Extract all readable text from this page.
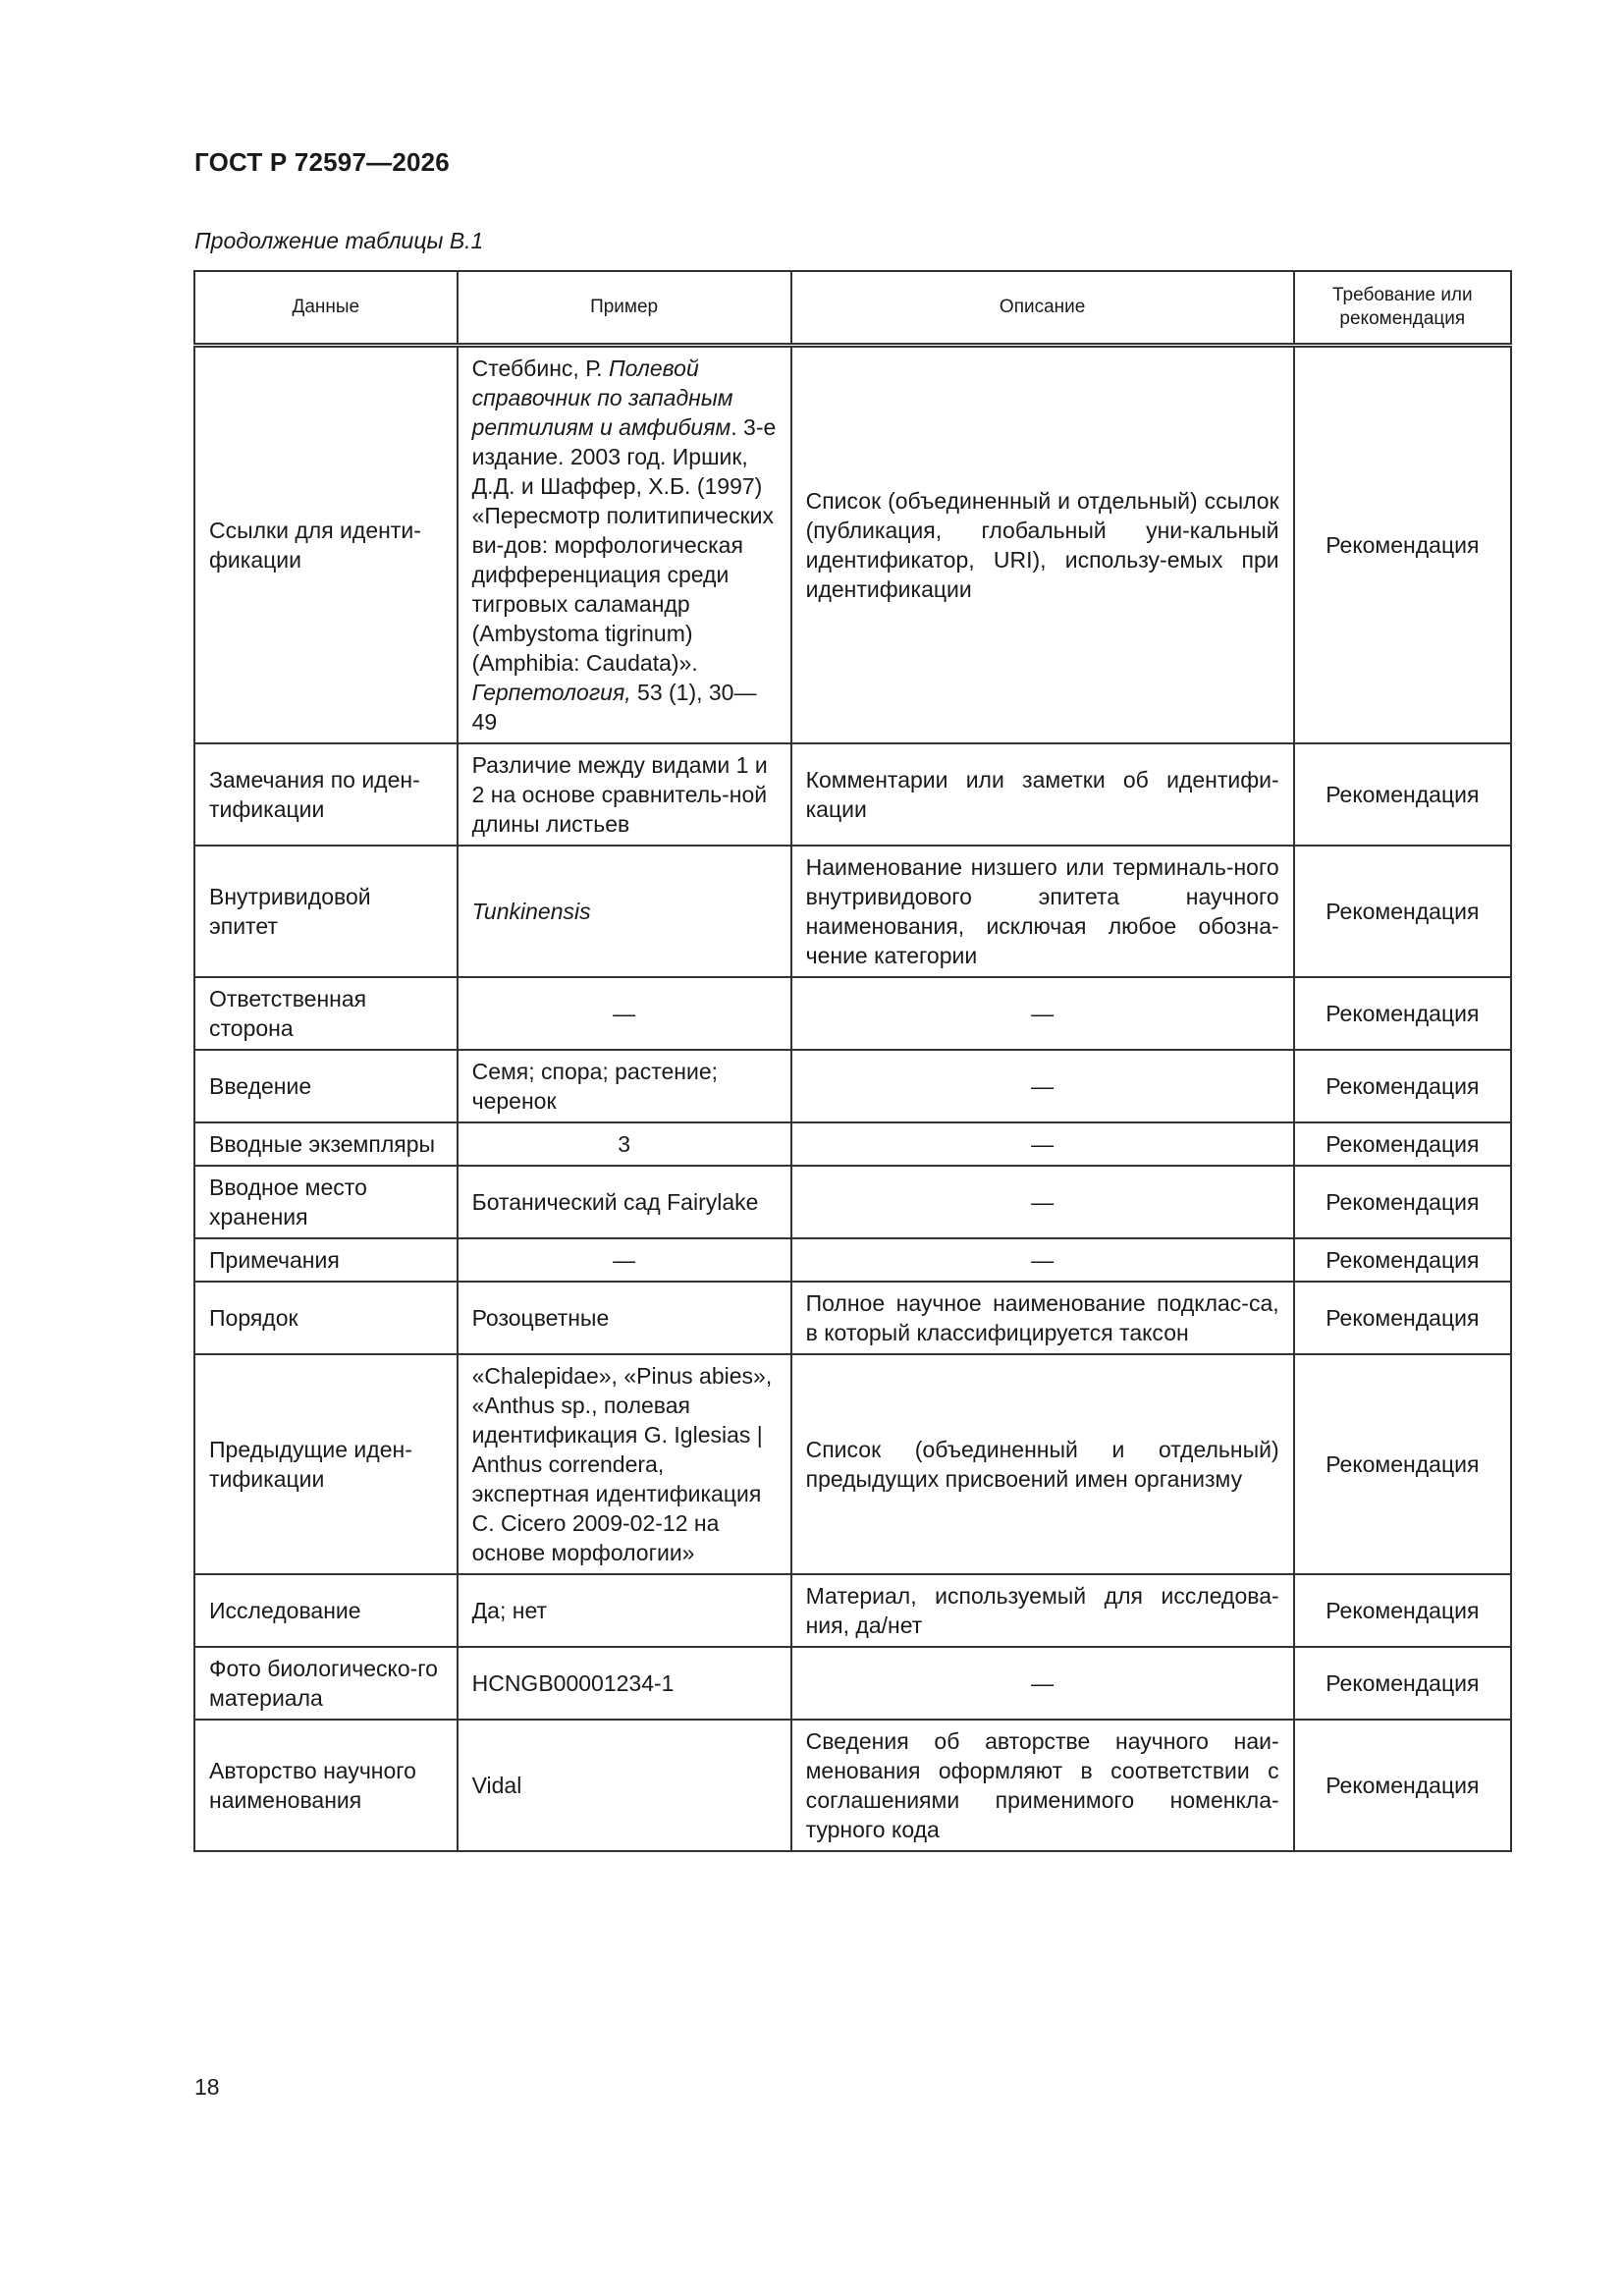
ГОСТ Р 72597—2026
Продолжение таблицы В.1
Данные	Пример	Описание	Требование или рекомендация
Ссылки для иденти-фикации	Стеббинс, Р. Полевой справочник по западным рептилиям и амфибиям. 3-е издание. 2003 год. Иршик, Д.Д. и Шаффер, Х.Б. (1997) «Пересмотр политипических ви-дов: морфологическая дифференциация среди тигровых саламандр (Ambystoma tigrinum) (Amphibia: Caudata)». Герпетология, 53 (1), 30—49	Список (объединенный и отдельный) ссылок (публикация, глобальный уни-кальный идентификатор, URI), использу-емых при идентификации	Рекомендация
Замечания по иден-тификации	Различие между видами 1 и 2 на основе сравнитель-ной длины листьев	Комментарии или заметки об идентифи-кации	Рекомендация
Внутривидовой эпитет	Tunkinensis	Наименование низшего или терминаль-ного внутривидового эпитета научного наименования, исключая любое обозна-чение категории	Рекомендация
Ответственная сторона	—	—	Рекомендация
Введение	Семя; спора; растение; черенок	—	Рекомендация
Вводные экземпляры	3	—	Рекомендация
Вводное место хранения	Ботанический сад Fairylake	—	Рекомендация
Примечания	—	—	Рекомендация
Порядок	Розоцветные	Полное научное наименование подклас-са, в который классифицируется таксон	Рекомендация
Предыдущие иден-тификации	«Chalepidae», «Pinus abies», «Anthus sp., полевая идентификация G. Iglesias | Anthus correndera, экспертная идентификация C. Cicero 2009-02-12 на основе морфологии»	Список (объединенный и отдельный) предыдущих присвоений имен организму	Рекомендация
Исследование	Да; нет	Материал, используемый для исследова-ния, да/нет	Рекомендация
Фото биологическо-го материала	HCNGB00001234-1	—	Рекомендация
Авторство научного наименования	Vidal	Сведения об авторстве научного наи-менования оформляют в соответствии с соглашениями применимого номенкла-турного кода	Рекомендация
18
